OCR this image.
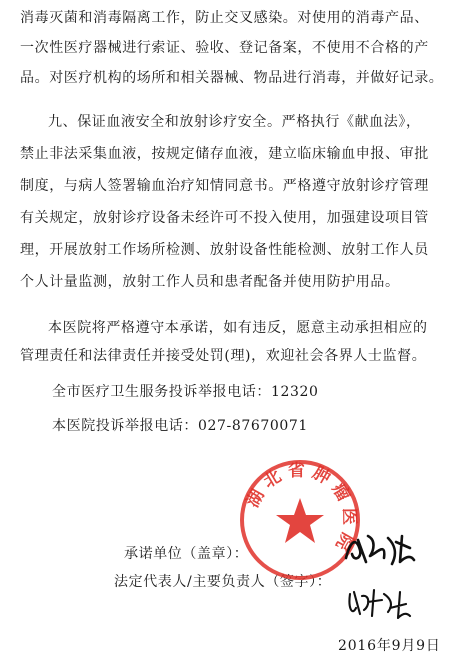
消毒灭菌和消毒隔离工作，防止交叉感染。对使用的消毒产品、
一次性医疗器械进行索证、验收、登记备案，不使用不合格的产
品。对医疗机构的场所和相关器械、物品进行消毒，并做好记录。
九、保证血液安全和放射诊疗安全。严格执行《献血法》，
禁止非法采集血液，按规定储存血液，建立临床输血申报、审批
制度，与病人签署输血治疗知情同意书。严格遵守放射诊疗管理
有关规定，放射诊疗设备未经许可不投入使用，加强建设项目管
理，开展放射工作场所检测、放射设备性能检测、放射工作人员
个人计量监测，放射工作人员和患者配备并使用防护用品。
本医院将严格遵守本承诺，如有违反，愿意主动承担相应的
管理责任和法律责任并接受处罚(理)，欢迎社会各界人士监督。
全市医疗卫生服务投诉举报电话：12320
本医院投诉举报电话：027-87670071
承诺单位（盖章）：
法定代表人/主要负责人（签字）：
湖北省肿瘤医院
2016年9月9日
